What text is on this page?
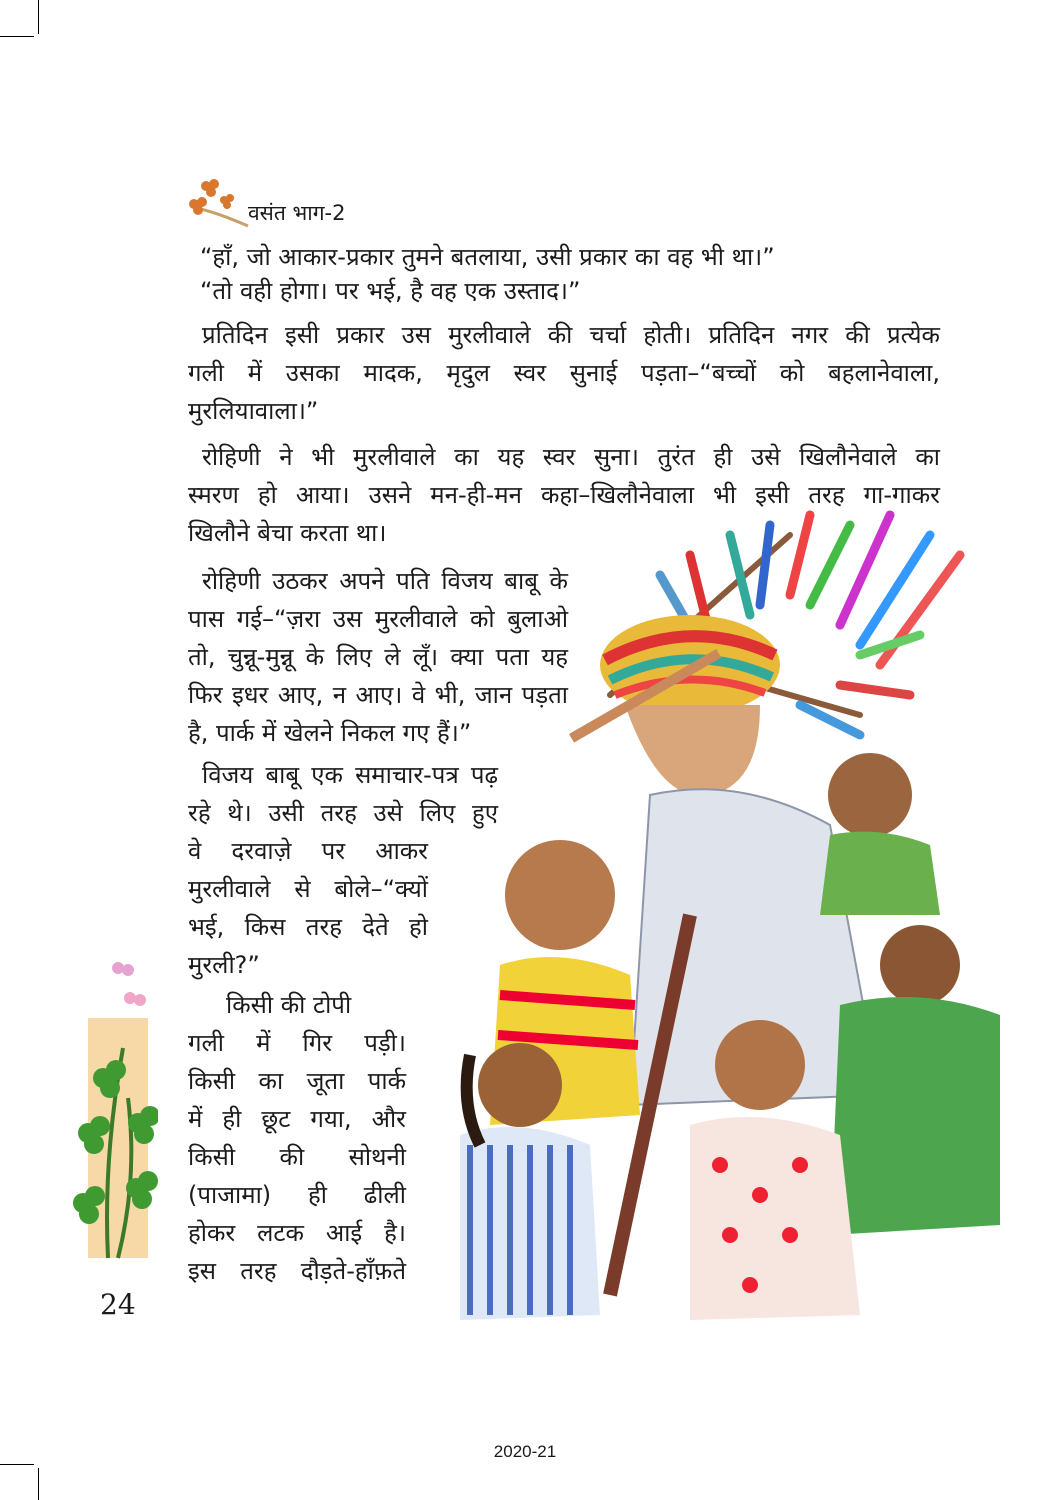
वसंत भाग-2
“हाँ, जो आकार-प्रकार तुमने बतलाया, उसी प्रकार का वह भी था।”
“तो वही होगा। पर भई, है वह एक उस्ताद।”
प्रतिदिन इसी प्रकार उस मुरलीवाले की चर्चा होती। प्रतिदिन नगर की प्रत्येक
गली में उसका मादक, मृदुल स्वर सुनाई पड़ता–“बच्चों को बहलानेवाला,
मुरलियावाला।”
रोहिणी ने भी मुरलीवाले का यह स्वर सुना। तुरंत ही उसे खिलौनेवाले का
स्मरण हो आया। उसने मन-ही-मन कहा–खिलौनेवाला भी इसी तरह गा-गाकर
खिलौने बेचा करता था।
रोहिणी उठकर अपने पति विजय बाबू के
पास गई–“ज़रा उस मुरलीवाले को बुलाओ
तो, चुन्नू-मुन्नू के लिए ले लूँ। क्या पता यह
फिर इधर आए, न आए। वे भी, जान पड़ता
है, पार्क में खेलने निकल गए हैं।”
विजय बाबू एक समाचार-पत्र पढ़
रहे थे। उसी तरह उसे लिए हुए
वे दरवाज़े पर आकर
मुरलीवाले से बोले–“क्यों
भई, किस तरह देते हो
मुरली?”
किसी की टोपी
गली में गिर पड़ी।
किसी का जूता पार्क
में ही छूट गया, और
किसी की सोथनी
(पाजामा) ही ढीली
होकर लटक आई है।
इस तरह दौड़ते-हाँफ़ते
24
2020-21
